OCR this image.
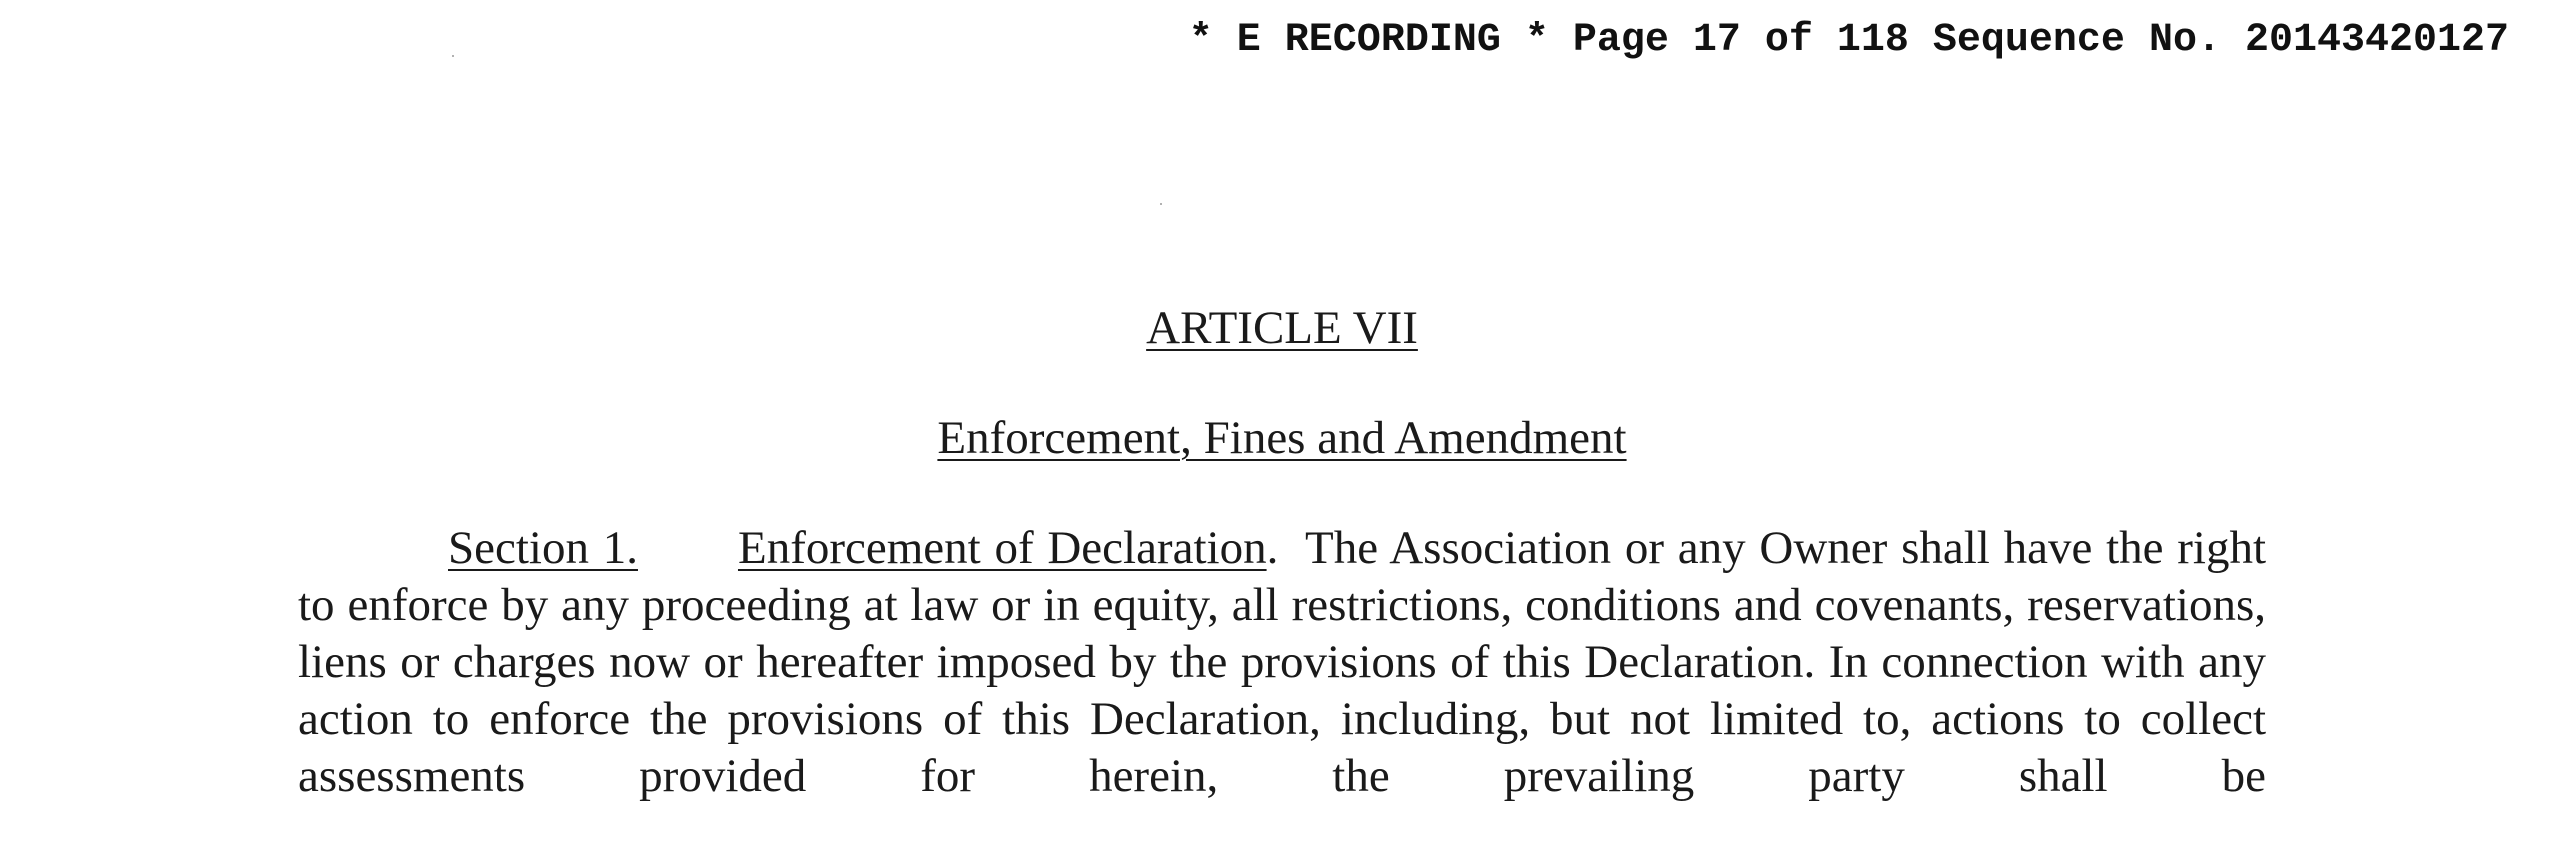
* E RECORDING * Page 17 of 118 Sequence No. 20143420127

ARTICLE VII

Enforcement, Fines and Amendment

Section 1. Enforcement of Declaration. The Association or any Owner shall have the right to enforce by any proceeding at law or in equity, all restrictions, conditions and covenants, reservations, liens or charges now or hereafter imposed by the provisions of this Declaration. In connection with any action to enforce the provisions of this Declaration, including, but not limited to, actions to collect assessments provided for herein, the prevailing party shall be
